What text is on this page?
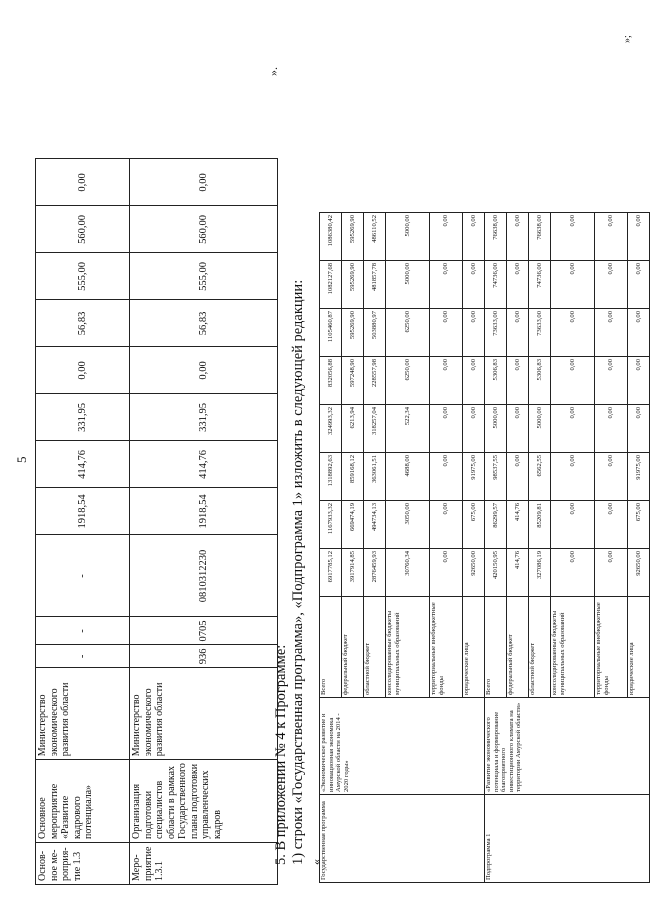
5
Основ-ное ме-роприя-тие 1.3	Основное мероприятие «Развитие кадрового потенциала»	Министерство экономического развития области	-	-	-	1918,54	414,76	331,95	0,00	56,83	555,00	560,00	0,00
Меро-приятие 1.3.1	Организация подготовки специалистов области в рамках Государственного плана подготовки управленческих кадров	Министерство экономического развития области	936	0705	0810312230	1918,54	414,76	331,95	0,00	56,83	555,00	560,00	0,00
».
5. В приложении № 4 к Программе: 1) строки «Государственная программа», «Подпрограмма 1» изложить в следующей редакции: «
Государственная программа	«Экономическое развитие и инновационная экономика Амурской области на 2014 - 2020 годы»	Всего	6917785,12	1167933,32	1318892,63	324993,32	832056,88	1105460,87	1082127,68	1086380,42
		федеральный бюджет	3917914,85	669474,19	859168,12	6213,94	597248,90	595269,90	595269,90	595269,90
		областной бюджет	2876459,93	494734,13	363061,51	318257,04	228557,98	503880,97	481857,78	486110,52
		консолидированные бюджеты муниципальных образований	30760,34	3050,00	4688,00	522,34	6250,00	6250,00	5000,00	5000,00
		территориальные внебюджетные фонды	0,00	0,00	0,00	0,00	0,00	0,00	0,00	0,00
		юридические лица	92650,00	675,00	91975,00	0,00	0,00	0,00	0,00	0,00
Подпрограмма 1	«Развитие экономического потенциала и формирование благоприятного инвестиционного климата на территории Амурской области»	Всего	420150,95	86299,57	98537,55	5000,00	5306,83	73633,00	74736,00	76638,00
		федеральный бюджет	414,76	414,76	0,00	0,00	0,00	0,00	0,00	0,00
		областной бюджет	327086,19	85209,81	6562,55	5000,00	5306,83	73633,00	74736,00	76638,00
		консолидированные бюджеты муниципальных образований	0,00	0,00	0,00	0,00	0,00	0,00	0,00	0,00
		территориальные внебюджетные фонды	0,00	0,00	0,00	0,00	0,00	0,00	0,00	0,00
		юридические лица	92650,00	675,00	91975,00	0,00	0,00	0,00	0,00	0,00
»;
